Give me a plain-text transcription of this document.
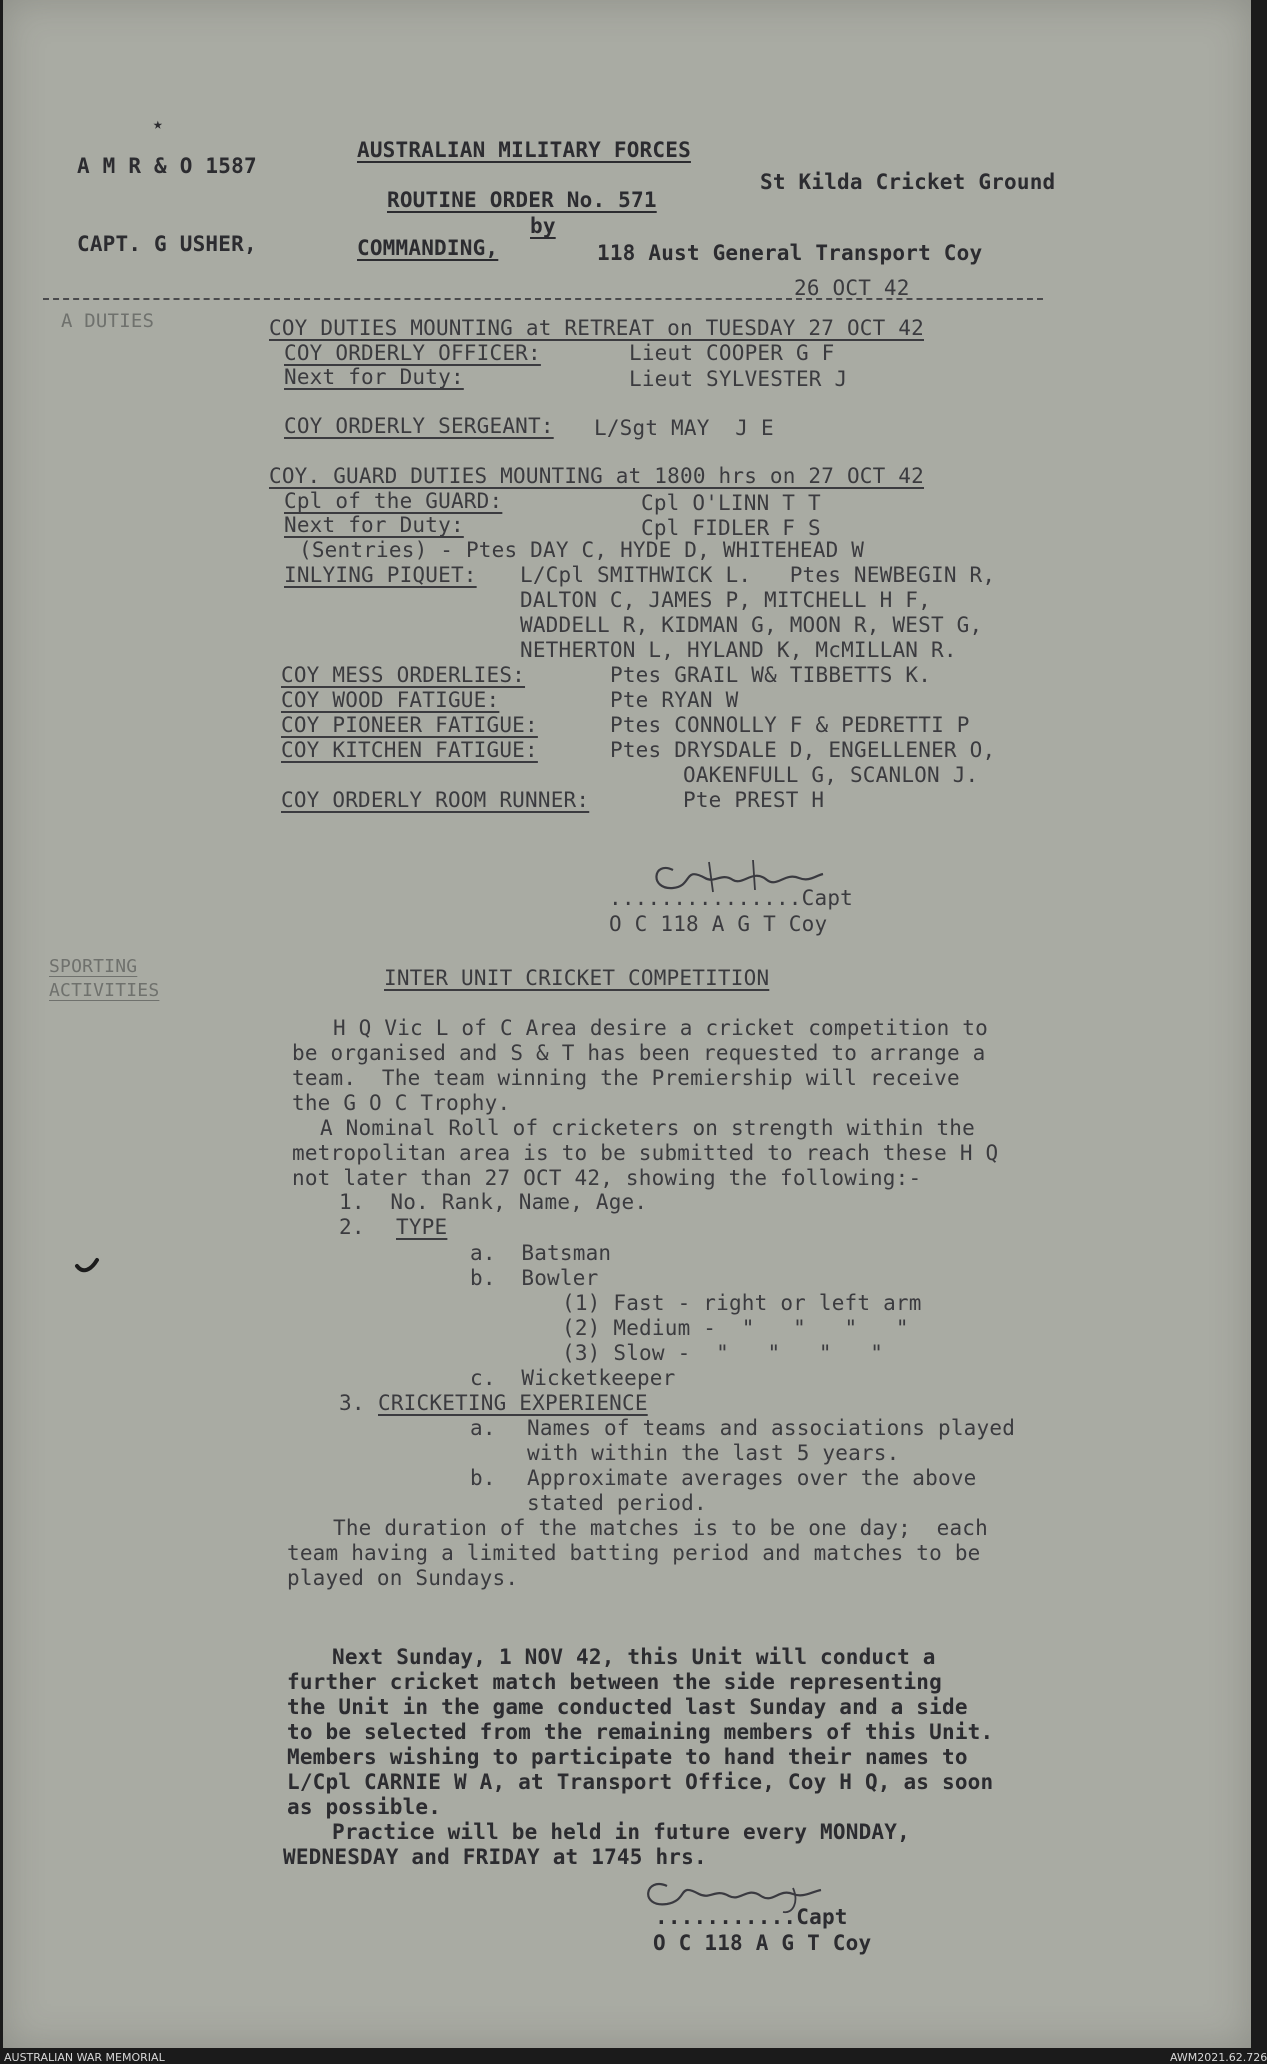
★
A M R & O 1587
AUSTRALIAN MILITARY FORCES
St Kilda Cricket Ground
ROUTINE ORDER No. 571
by
CAPT. G USHER,	COMMANDING,	118 Aust General Transport Coy
26 OCT 42
A DUTIES	COY DUTIES MOUNTING at RETREAT on TUESDAY 27 OCT 42
COY ORDERLY OFFICER:	Lieut COOPER G F
Next for Duty:	Lieut SYLVESTER J
COY ORDERLY SERGEANT: L/Sgt MAY  J E
COY. GUARD DUTIES MOUNTING at 1800 hrs on 27 OCT 42
Cpl of the GUARD:	Cpl O'LINN T T
Next for Duty:	Cpl FIDLER F S
(Sentries) - Ptes DAY C, HYDE D, WHITEHEAD W
INLYING PIQUET: L/Cpl SMITHWICK L.   Ptes NEWBEGIN R,
DALTON C, JAMES P, MITCHELL H F,
WADDELL R, KIDMAN G, MOON R, WEST G,
NETHERTON L, HYLAND K, McMILLAN R.
COY MESS ORDERLIES:	Ptes GRAIL W& TIBBETTS K.
COY WOOD FATIGUE:	Pte RYAN W
COY PIONEER FATIGUE:	Ptes CONNOLLY F & PEDRETTI P
COY KITCHEN FATIGUE:	Ptes DRYSDALE D, ENGELLENER O,
OAKENFULL G, SCANLON J.
COY ORDERLY ROOM RUNNER:	Pte PREST H
...............Capt
O C 118 A G T Coy
SPORTING
ACTIVITIES
INTER UNIT CRICKET COMPETITION
H Q Vic L of C Area desire a cricket competition to
be organised and S & T has been requested to arrange a
team.  The team winning the Premiership will receive
the G O C Trophy.
A Nominal Roll of cricketers on strength within the
metropolitan area is to be submitted to reach these H Q
not later than 27 OCT 42, showing the following:-
1.  No. Rank, Name, Age.
2. TYPE
a.  Batsman
b.  Bowler
(1) Fast - right or left arm
(2) Medium -  "   "   "   "
(3) Slow -  "   "   "   "
c.  Wicketkeeper
3. CRICKETING EXPERIENCE
a. Names of teams and associations played
with within the last 5 years.
b. Approximate averages over the above
stated period.
The duration of the matches is to be one day;  each
team having a limited batting period and matches to be
played on Sundays.
Next Sunday, 1 NOV 42, this Unit will conduct a
further cricket match between the side representing
the Unit in the game conducted last Sunday and a side
to be selected from the remaining members of this Unit.
Members wishing to participate to hand their names to
L/Cpl CARNIE W A, at Transport Office, Coy H Q, as soon
as possible.
Practice will be held in future every MONDAY,
WEDNESDAY and FRIDAY at 1745 hrs.
...........Capt
O C 118 A G T Coy
AUSTRALIAN WAR MEMORIAL	AWM2021.62.726
